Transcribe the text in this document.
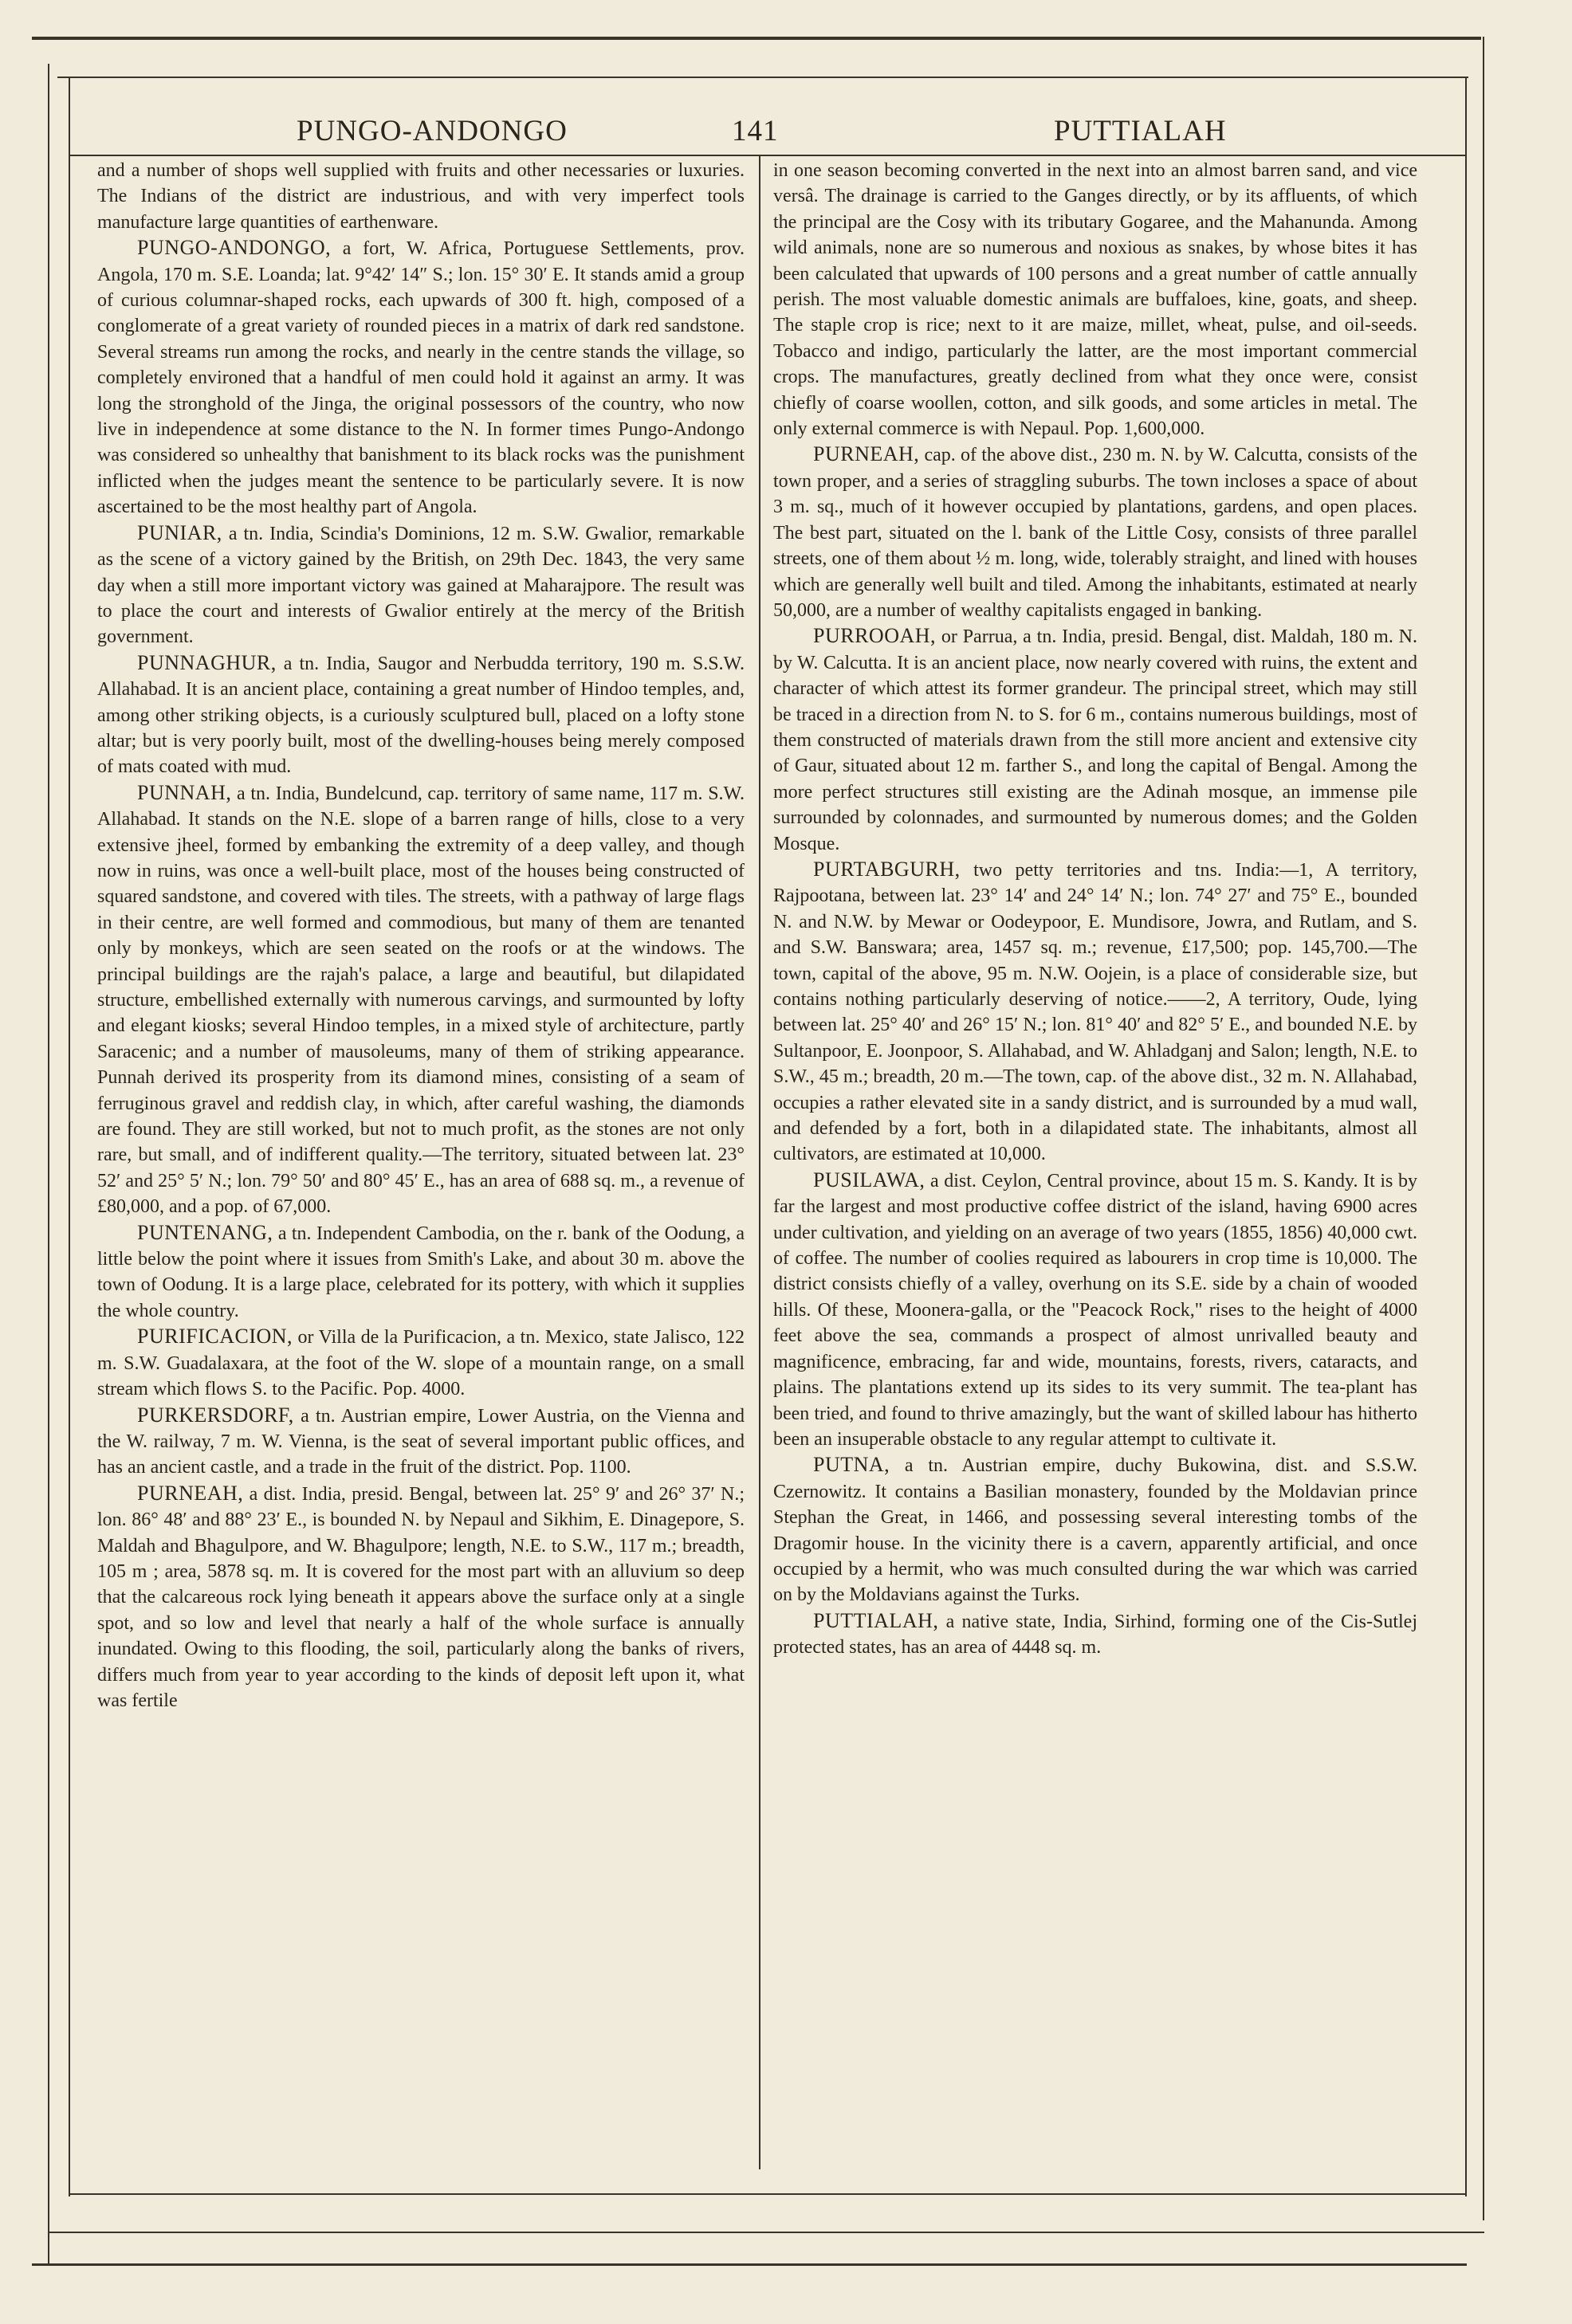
PUNGO-ANDONGO	141	PUTTIALAH

and a number of shops well supplied with fruits and other necessaries or luxuries. The Indians of the district are industrious, and with very imperfect tools manufacture large quantities of earthenware.

PUNGO-ANDONGO, a fort, W. Africa, Portuguese Settlements, prov. Angola, 170 m. S.E. Loanda; lat. 9°42′ 14″ S.; lon. 15° 30′ E. It stands amid a group of curious columnar-shaped rocks, each upwards of 300 ft. high, composed of a conglomerate of a great variety of rounded pieces in a matrix of dark red sandstone. Several streams run among the rocks, and nearly in the centre stands the village, so completely environed that a handful of men could hold it against an army. It was long the stronghold of the Jinga, the original possessors of the country, who now live in independence at some distance to the N. In former times Pungo-Andongo was considered so unhealthy that banishment to its black rocks was the punishment inflicted when the judges meant the sentence to be particularly severe. It is now ascertained to be the most healthy part of Angola.

PUNIAR, a tn. India, Scindia's Dominions, 12 m. S.W. Gwalior, remarkable as the scene of a victory gained by the British, on 29th Dec. 1843, the very same day when a still more important victory was gained at Maharajpore. The result was to place the court and interests of Gwalior entirely at the mercy of the British government.

PUNNAGHUR, a tn. India, Saugor and Nerbudda territory, 190 m. S.S.W. Allahabad. It is an ancient place, containing a great number of Hindoo temples, and, among other striking objects, is a curiously sculptured bull, placed on a lofty stone altar; but is very poorly built, most of the dwelling-houses being merely composed of mats coated with mud.

PUNNAH, a tn. India, Bundelcund, cap. territory of same name, 117 m. S.W. Allahabad. It stands on the N.E. slope of a barren range of hills, close to a very extensive jheel, formed by embanking the extremity of a deep valley, and though now in ruins, was once a well-built place, most of the houses being constructed of squared sandstone, and covered with tiles. The streets, with a pathway of large flags in their centre, are well formed and commodious, but many of them are tenanted only by monkeys, which are seen seated on the roofs or at the windows. The principal buildings are the rajah's palace, a large and beautiful, but dilapidated structure, embellished externally with numerous carvings, and surmounted by lofty and elegant kiosks; several Hindoo temples, in a mixed style of architecture, partly Saracenic; and a number of mausoleums, many of them of striking appearance. Punnah derived its prosperity from its diamond mines, consisting of a seam of ferruginous gravel and reddish clay, in which, after careful washing, the diamonds are found. They are still worked, but not to much profit, as the stones are not only rare, but small, and of indifferent quality.—The territory, situated between lat. 23° 52′ and 25° 5′ N.; lon. 79° 50′ and 80° 45′ E., has an area of 688 sq. m., a revenue of £80,000, and a pop. of 67,000.

PUNTENANG, a tn. Independent Cambodia, on the r. bank of the Oodung, a little below the point where it issues from Smith's Lake, and about 30 m. above the town of Oodung. It is a large place, celebrated for its pottery, with which it supplies the whole country.

PURIFICACION, or Villa de la Purificacion, a tn. Mexico, state Jalisco, 122 m. S.W. Guadalaxara, at the foot of the W. slope of a mountain range, on a small stream which flows S. to the Pacific. Pop. 4000.

PURKERSDORF, a tn. Austrian empire, Lower Austria, on the Vienna and the W. railway, 7 m. W. Vienna, is the seat of several important public offices, and has an ancient castle, and a trade in the fruit of the district. Pop. 1100.

PURNEAH, a dist. India, presid. Bengal, between lat. 25° 9′ and 26° 37′ N.; lon. 86° 48′ and 88° 23′ E., is bounded N. by Nepaul and Sikhim, E. Dinagepore, S. Maldah and Bhagulpore, and W. Bhagulpore; length, N.E. to S.W., 117 m.; breadth, 105 m ; area, 5878 sq. m. It is covered for the most part with an alluvium so deep that the calcareous rock lying beneath it appears above the surface only at a single spot, and so low and level that nearly a half of the whole surface is annually inundated. Owing to this flooding, the soil, particularly along the banks of rivers, differs much from year to year according to the kinds of deposit left upon it, what was fertile

in one season becoming converted in the next into an almost barren sand, and vice versâ. The drainage is carried to the Ganges directly, or by its affluents, of which the principal are the Cosy with its tributary Gogaree, and the Mahanunda. Among wild animals, none are so numerous and noxious as snakes, by whose bites it has been calculated that upwards of 100 persons and a great number of cattle annually perish. The most valuable domestic animals are buffaloes, kine, goats, and sheep. The staple crop is rice; next to it are maize, millet, wheat, pulse, and oil-seeds. Tobacco and indigo, particularly the latter, are the most important commercial crops. The manufactures, greatly declined from what they once were, consist chiefly of coarse woollen, cotton, and silk goods, and some articles in metal. The only external commerce is with Nepaul. Pop. 1,600,000.

PURNEAH, cap. of the above dist., 230 m. N. by W. Calcutta, consists of the town proper, and a series of straggling suburbs. The town incloses a space of about 3 m. sq., much of it however occupied by plantations, gardens, and open places. The best part, situated on the l. bank of the Little Cosy, consists of three parallel streets, one of them about ½ m. long, wide, tolerably straight, and lined with houses which are generally well built and tiled. Among the inhabitants, estimated at nearly 50,000, are a number of wealthy capitalists engaged in banking.

PURROOAH, or Parrua, a tn. India, presid. Bengal, dist. Maldah, 180 m. N. by W. Calcutta. It is an ancient place, now nearly covered with ruins, the extent and character of which attest its former grandeur. The principal street, which may still be traced in a direction from N. to S. for 6 m., contains numerous buildings, most of them constructed of materials drawn from the still more ancient and extensive city of Gaur, situated about 12 m. farther S., and long the capital of Bengal. Among the more perfect structures still existing are the Adinah mosque, an immense pile surrounded by colonnades, and surmounted by numerous domes; and the Golden Mosque.

PURTABGURH, two petty territories and tns. India:—1, A territory, Rajpootana, between lat. 23° 14′ and 24° 14′ N.; lon. 74° 27′ and 75° E., bounded N. and N.W. by Mewar or Oodeypoor, E. Mundisore, Jowra, and Rutlam, and S. and S.W. Banswara; area, 1457 sq. m.; revenue, £17,500; pop. 145,700.—The town, capital of the above, 95 m. N.W. Oojein, is a place of considerable size, but contains nothing particularly deserving of notice.——2, A territory, Oude, lying between lat. 25° 40′ and 26° 15′ N.; lon. 81° 40′ and 82° 5′ E., and bounded N.E. by Sultanpoor, E. Joonpoor, S. Allahabad, and W. Ahladganj and Salon; length, N.E. to S.W., 45 m.; breadth, 20 m.—The town, cap. of the above dist., 32 m. N. Allahabad, occupies a rather elevated site in a sandy district, and is surrounded by a mud wall, and defended by a fort, both in a dilapidated state. The inhabitants, almost all cultivators, are estimated at 10,000.

PUSILAWA, a dist. Ceylon, Central province, about 15 m. S. Kandy. It is by far the largest and most productive coffee district of the island, having 6900 acres under cultivation, and yielding on an average of two years (1855, 1856) 40,000 cwt. of coffee. The number of coolies required as labourers in crop time is 10,000. The district consists chiefly of a valley, overhung on its S.E. side by a chain of wooded hills. Of these, Moonera-galla, or the "Peacock Rock," rises to the height of 4000 feet above the sea, commands a prospect of almost unrivalled beauty and magnificence, embracing, far and wide, mountains, forests, rivers, cataracts, and plains. The plantations extend up its sides to its very summit. The tea-plant has been tried, and found to thrive amazingly, but the want of skilled labour has hitherto been an insuperable obstacle to any regular attempt to cultivate it.

PUTNA, a tn. Austrian empire, duchy Bukowina, dist. and S.S.W. Czernowitz. It contains a Basilian monastery, founded by the Moldavian prince Stephan the Great, in 1466, and possessing several interesting tombs of the Dragomir house. In the vicinity there is a cavern, apparently artificial, and once occupied by a hermit, who was much consulted during the war which was carried on by the Moldavians against the Turks.

PUTTIALAH, a native state, India, Sirhind, forming one of the Cis-Sutlej protected states, has an area of 4448 sq. m.
